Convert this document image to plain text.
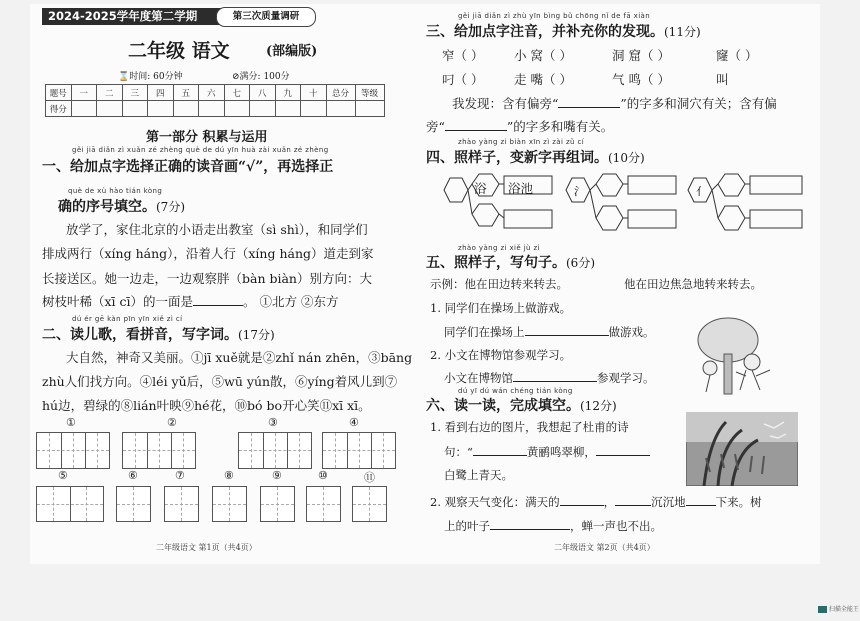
2024-2025学年度第二学期	第三次质量调研
二年级 语文	(部编版)
⌛时间: 60分钟	⊘满分: 100分
题号	一	二	三	四	五	六	七	八	九	十	总分	等级
得分												
第一部分 积累与运用
gěi jiā diǎn zì xuǎn zé zhèng què de dú yīn huà zài xuǎn zé zhèng
一、给加点字选择正确的读音画“√”，再选择正
què de xù hào tián kòng
确的序号填空。(7分)
放学了，家住北京的小语走出教室（sì shì），和同学们
排成两行（xíng háng），沿着人行（xíng háng）道走到家
长接送区。她一边走，一边观察胖（bàn biàn）别方向：大
树枝叶稀（xī cī）的一面是	。 ①北方 ②东方
dú ér gē kàn pīn yīn xiě zì cí
二、读儿歌，看拼音，写字词。(17分)
大自然，神奇又美丽。①jī xuě就是②zhǐ nán zhēn，③bāng
zhù人们找方向。④léi yǔ后，⑤wū yún散，⑥yíng着风儿到⑦
hú边，碧绿的⑧lián叶映⑨hé花，⑩bó bo开心笑⑪xī xī。
①	②	③	④
⑤	⑥	⑦	⑧	⑨	⑩	⑪
二年级语文 第1页（共4页）
gěi jiā diǎn zì zhù yīn bìng bǔ chōng nǐ de fā xiàn
三、给加点字注音，并补充你的发现。(11分)
窄（ ） 小 窝（ ）	洞 窟（ ）	窿（ ）
叼（ ） 走 嘴（ ）	气 鸣（ ）	叫
我发现：含有偏旁“	”的字多和洞穴有关；含有偏
旁“	”的字多和嘴有关。
zhào yàng zi biàn xīn zì zài zǔ cí
四、照样子，变新字再组词。(10分)
氵	亻
浴 浴池
zhào yàng zi xiě jù zi
五、照样子，写句子。(6分)
示例：他在田边转来转去。	他在田边焦急地转来转去。
1. 同学们在操场上做游戏。
同学们在操场上	做游戏。
2. 小文在博物馆参观学习。
小文在博物馆	参观学习。
dú yī dú wán chéng tián kòng
六、读一读，完成填空。(12分)
1. 看到右边的图片，我想起了杜甫的诗
句：“	黄鹂鸣翠柳，
白鹭上青天。
2. 观察天气变化：满天的	，	沉沉地	下来。树
上的叶子	，蝉一声也不出。
二年级语文 第2页（共4页）
扫描全能王
